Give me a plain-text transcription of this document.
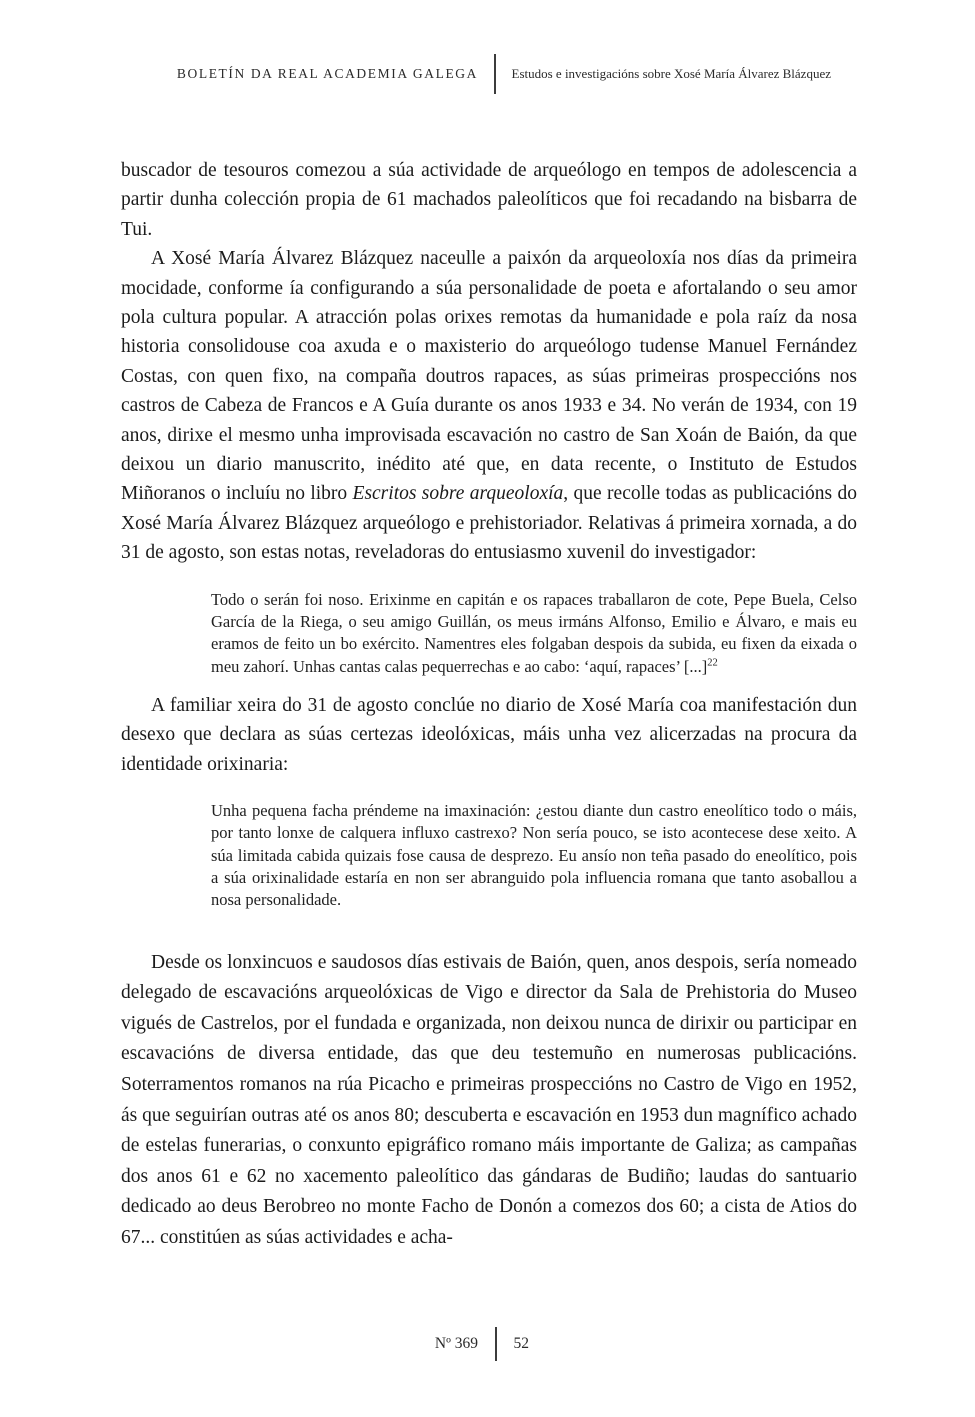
BOLETÍN DA REAL ACADEMIA GALEGA	Estudos e investigacións sobre Xosé María Álvarez Blázquez

buscador de tesouros comezou a súa actividade de arqueólogo en tempos de adolescencia a partir dunha colección propia de 61 machados paleolíticos que foi recadando na bisbarra de Tui.

A Xosé María Álvarez Blázquez naceulle a paixón da arqueoloxía nos días da primeira mocidade, conforme ía configurando a súa personalidade de poeta e afortalando o seu amor pola cultura popular. A atracción polas orixes remotas da humanidade e pola raíz da nosa historia consolidouse coa axuda e o maxisterio do arqueólogo tudense Manuel Fernández Costas, con quen fixo, na compaña doutros rapaces, as súas primeiras prospeccións nos castros de Cabeza de Francos e A Guía durante os anos 1933 e 34. No verán de 1934, con 19 anos, dirixe el mesmo unha improvisada escavación no castro de San Xoán de Baión, da que deixou un diario manuscrito, inédito até que, en data recente, o Instituto de Estudos Miñoranos o incluíu no libro Escritos sobre arqueoloxía, que recolle todas as publicacións do Xosé María Álvarez Blázquez arqueólogo e prehistoriador. Relativas á primeira xornada, a do 31 de agosto, son estas notas, reveladoras do entusiasmo xuvenil do investigador:

Todo o serán foi noso. Erixinme en capitán e os rapaces traballaron de cote, Pepe Buela, Celso García de la Riega, o seu amigo Guillán, os meus irmáns Alfonso, Emilio e Álvaro, e mais eu eramos de feito un bo exército. Namentres eles folgaban despois da subida, eu fixen da eixada o meu zahorí. Unhas cantas calas pequerrechas e ao cabo: ‘aquí, rapaces’ [...]$^{22}$

A familiar xeira do 31 de agosto conclúe no diario de Xosé María coa manifestación dun desexo que declara as súas certezas ideolóxicas, máis unha vez alicerzadas na procura da identidade orixinaria:

Unha pequena facha préndeme na imaxinación: ¿estou diante dun castro eneolítico todo o máis, por tanto lonxe de calquera influxo castrexo? Non sería pouco, se isto acontecese dese xeito. A súa limitada cabida quizais fose causa de desprezo. Eu ansío non teña pasado do eneolítico, pois a súa orixinalidade estaría en non ser abranguido pola influencia romana que tanto asoballou a nosa personalidade.

Desde os lonxincuos e saudosos días estivais de Baión, quen, anos despois, sería nomeado delegado de escavacións arqueolóxicas de Vigo e director da Sala de Prehistoria do Museo vigués de Castrelos, por el fundada e organizada, non deixou nunca de dirixir ou participar en escavacións de diversa entidade, das que deu testemuño en numerosas publicacións. Soterramentos romanos na rúa Picacho e primeiras prospeccións no Castro de Vigo en 1952, ás que seguirían outras até os anos 80; descuberta e escavación en 1953 dun magnífico achado de estelas funerarias, o conxunto epigráfico romano máis importante de Galiza; as campañas dos anos 61 e 62 no xacemento paleolítico das gándaras de Budiño; laudas do santuario dedicado ao deus Berobreo no monte Facho de Donón a comezos dos 60; a cista de Atios do 67... constitúen as súas actividades e acha-

Nº 369	52
